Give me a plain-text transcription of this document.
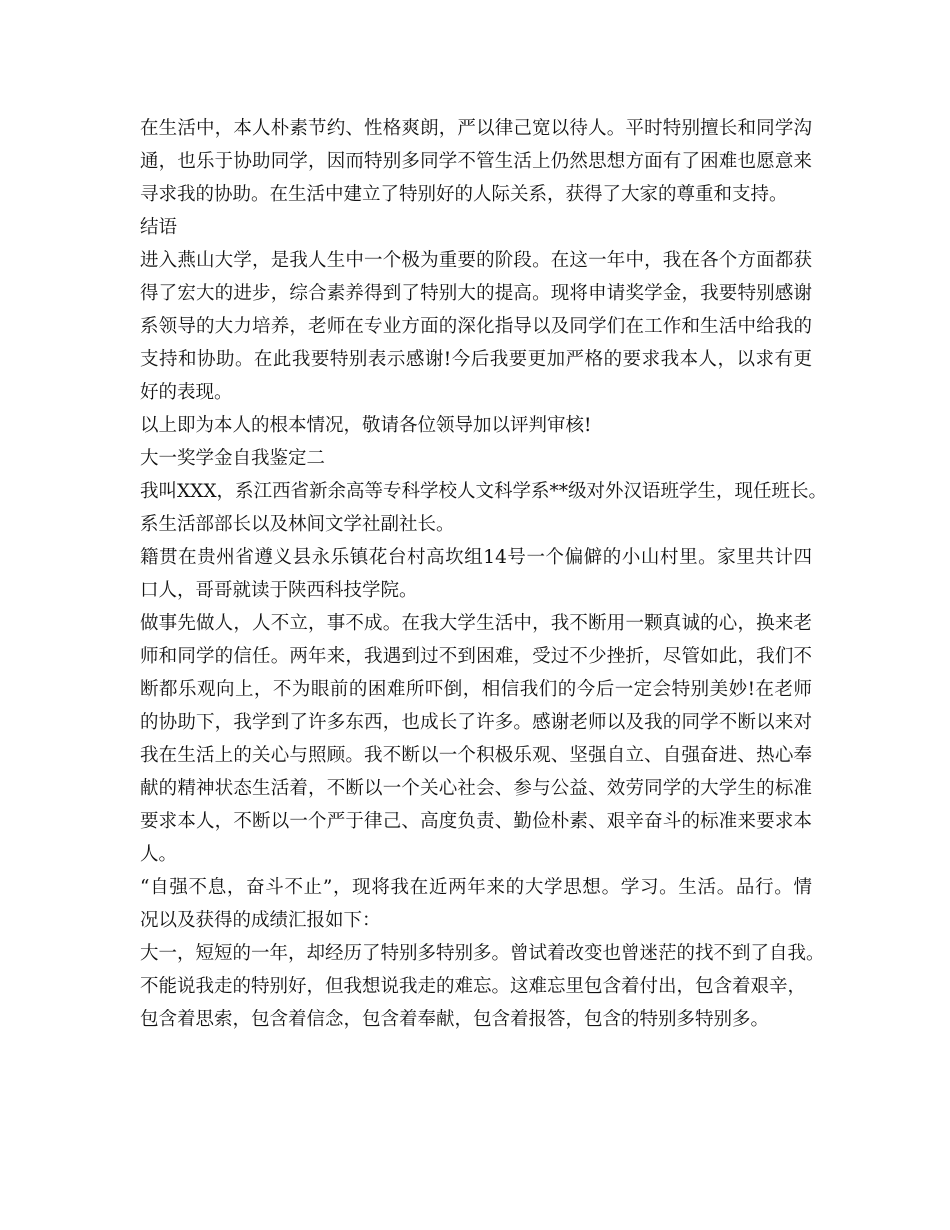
在生活中，本人朴素节约、性格爽朗，严以律己宽以待人。平时特别擅长和同学沟
通，也乐于协助同学，因而特别多同学不管生活上仍然思想方面有了困难也愿意来
寻求我的协助。在生活中建立了特别好的人际关系，获得了大家的尊重和支持。
结语
进入燕山大学，是我人生中一个极为重要的阶段。在这一年中，我在各个方面都获
得了宏大的进步，综合素养得到了特别大的提高。现将申请奖学金，我要特别感谢
系领导的大力培养，老师在专业方面的深化指导以及同学们在工作和生活中给我的
支持和协助。在此我要特别表示感谢!今后我要更加严格的要求我本人，以求有更
好的表现。
以上即为本人的根本情况，敬请各位领导加以评判审核!
大一奖学金自我鉴定二
我叫XXX，系江西省新余高等专科学校人文科学系**级对外汉语班学生，现任班长。
系生活部部长以及林间文学社副社长。
籍贯在贵州省遵义县永乐镇花台村高坎组14号一个偏僻的小山村里。家里共计四
口人，哥哥就读于陕西科技学院。
做事先做人，人不立，事不成。在我大学生活中，我不断用一颗真诚的心，换来老
师和同学的信任。两年来，我遇到过不到困难，受过不少挫折，尽管如此，我们不
断都乐观向上，不为眼前的困难所吓倒，相信我们的今后一定会特别美妙!在老师
的协助下，我学到了许多东西，也成长了许多。感谢老师以及我的同学不断以来对
我在生活上的关心与照顾。我不断以一个积极乐观、坚强自立、自强奋进、热心奉
献的精神状态生活着，不断以一个关心社会、参与公益、效劳同学的大学生的标准
要求本人，不断以一个严于律己、高度负责、勤俭朴素、艰辛奋斗的标准来要求本
人。
“自强不息，奋斗不止”，现将我在近两年来的大学思想。学习。生活。品行。情
况以及获得的成绩汇报如下：
大一，短短的一年，却经历了特别多特别多。曾试着改变也曾迷茫的找不到了自我。
不能说我走的特别好，但我想说我走的难忘。这难忘里包含着付出，包含着艰辛，
包含着思索，包含着信念，包含着奉献，包含着报答，包含的特别多特别多。
